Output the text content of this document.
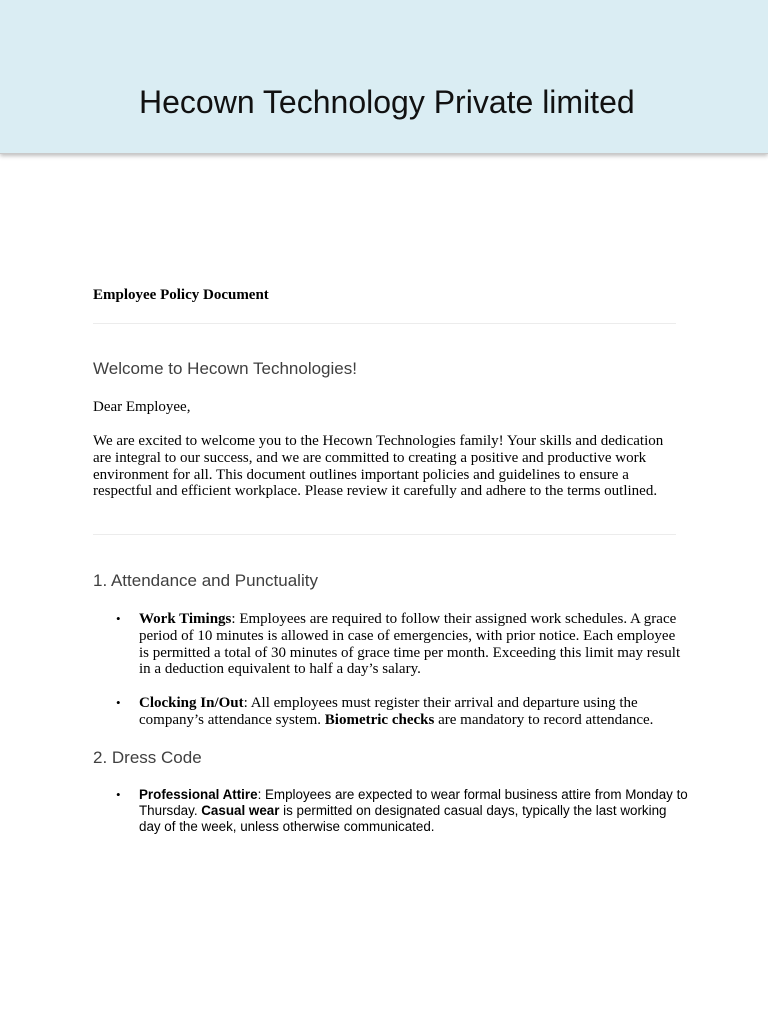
Hecown Technology Private limited
Employee Policy Document
Welcome to Hecown Technologies!

Dear Employee,

We are excited to welcome you to the Hecown Technologies family! Your skills and dedication are integral to our success, and we are committed to creating a positive and productive work environment for all. This document outlines important policies and guidelines to ensure a respectful and efficient workplace. Please review it carefully and adhere to the terms outlined.

1. Attendance and Punctuality
• Work Timings: Employees are required to follow their assigned work schedules. A grace period of 10 minutes is allowed in case of emergencies, with prior notice. Each employee is permitted a total of 30 minutes of grace time per month. Exceeding this limit may result in a deduction equivalent to half a day’s salary.

• Clocking In/Out: All employees must register their arrival and departure using the company’s attendance system. Biometric checks are mandatory to record attendance.

2. Dress Code
• Professional Attire: Employees are expected to wear formal business attire from Monday to Thursday. Casual wear is permitted on designated casual days, typically the last working day of the week, unless otherwise communicated.
